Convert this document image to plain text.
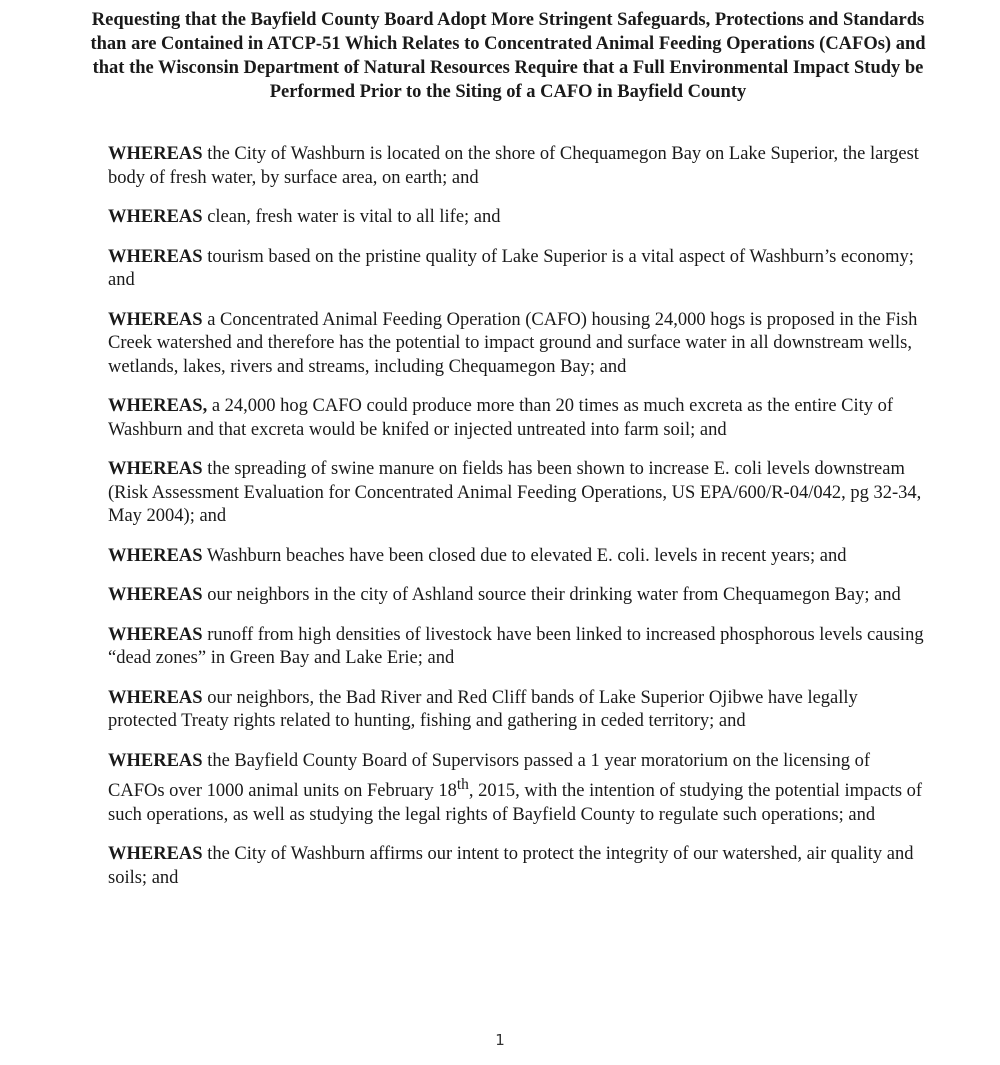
Requesting that the Bayfield County Board Adopt More Stringent Safeguards, Protections and Standards than are Contained in ATCP-51 Which Relates to Concentrated Animal Feeding Operations (CAFOs) and that the Wisconsin Department of Natural Resources Require that a Full Environmental Impact Study be Performed Prior to the Siting of a CAFO in Bayfield County

WHEREAS the City of Washburn is located on the shore of Chequamegon Bay on Lake Superior, the largest body of fresh water, by surface area, on earth; and

WHEREAS clean, fresh water is vital to all life; and

WHEREAS tourism based on the pristine quality of Lake Superior is a vital aspect of Washburn’s economy; and

WHEREAS a Concentrated Animal Feeding Operation (CAFO) housing 24,000 hogs is proposed in the Fish Creek watershed and therefore has the potential to impact ground and surface water in all downstream wells, wetlands, lakes, rivers and streams, including Chequamegon Bay; and

WHEREAS, a 24,000 hog CAFO could produce more than 20 times as much excreta as the entire City of Washburn and that excreta would be knifed or injected untreated into farm soil; and

WHEREAS the spreading of swine manure on fields has been shown to increase E. coli levels downstream (Risk Assessment Evaluation for Concentrated Animal Feeding Operations, US EPA/600/R-04/042, pg 32-34, May 2004); and

WHEREAS Washburn beaches have been closed due to elevated E. coli. levels in recent years; and

WHEREAS our neighbors in the city of Ashland source their drinking water from Chequamegon Bay; and

WHEREAS runoff from high densities of livestock have been linked to increased phosphorous levels causing “dead zones” in Green Bay and Lake Erie; and

WHEREAS our neighbors, the Bad River and Red Cliff bands of Lake Superior Ojibwe have legally protected Treaty rights related to hunting, fishing and gathering in ceded territory; and

WHEREAS the Bayfield County Board of Supervisors passed a 1 year moratorium on the licensing of CAFOs over 1000 animal units on February 18th, 2015, with the intention of studying the potential impacts of such operations, as well as studying the legal rights of Bayfield County to regulate such operations; and

WHEREAS the City of Washburn affirms our intent to protect the integrity of our watershed, air quality and soils; and

1
